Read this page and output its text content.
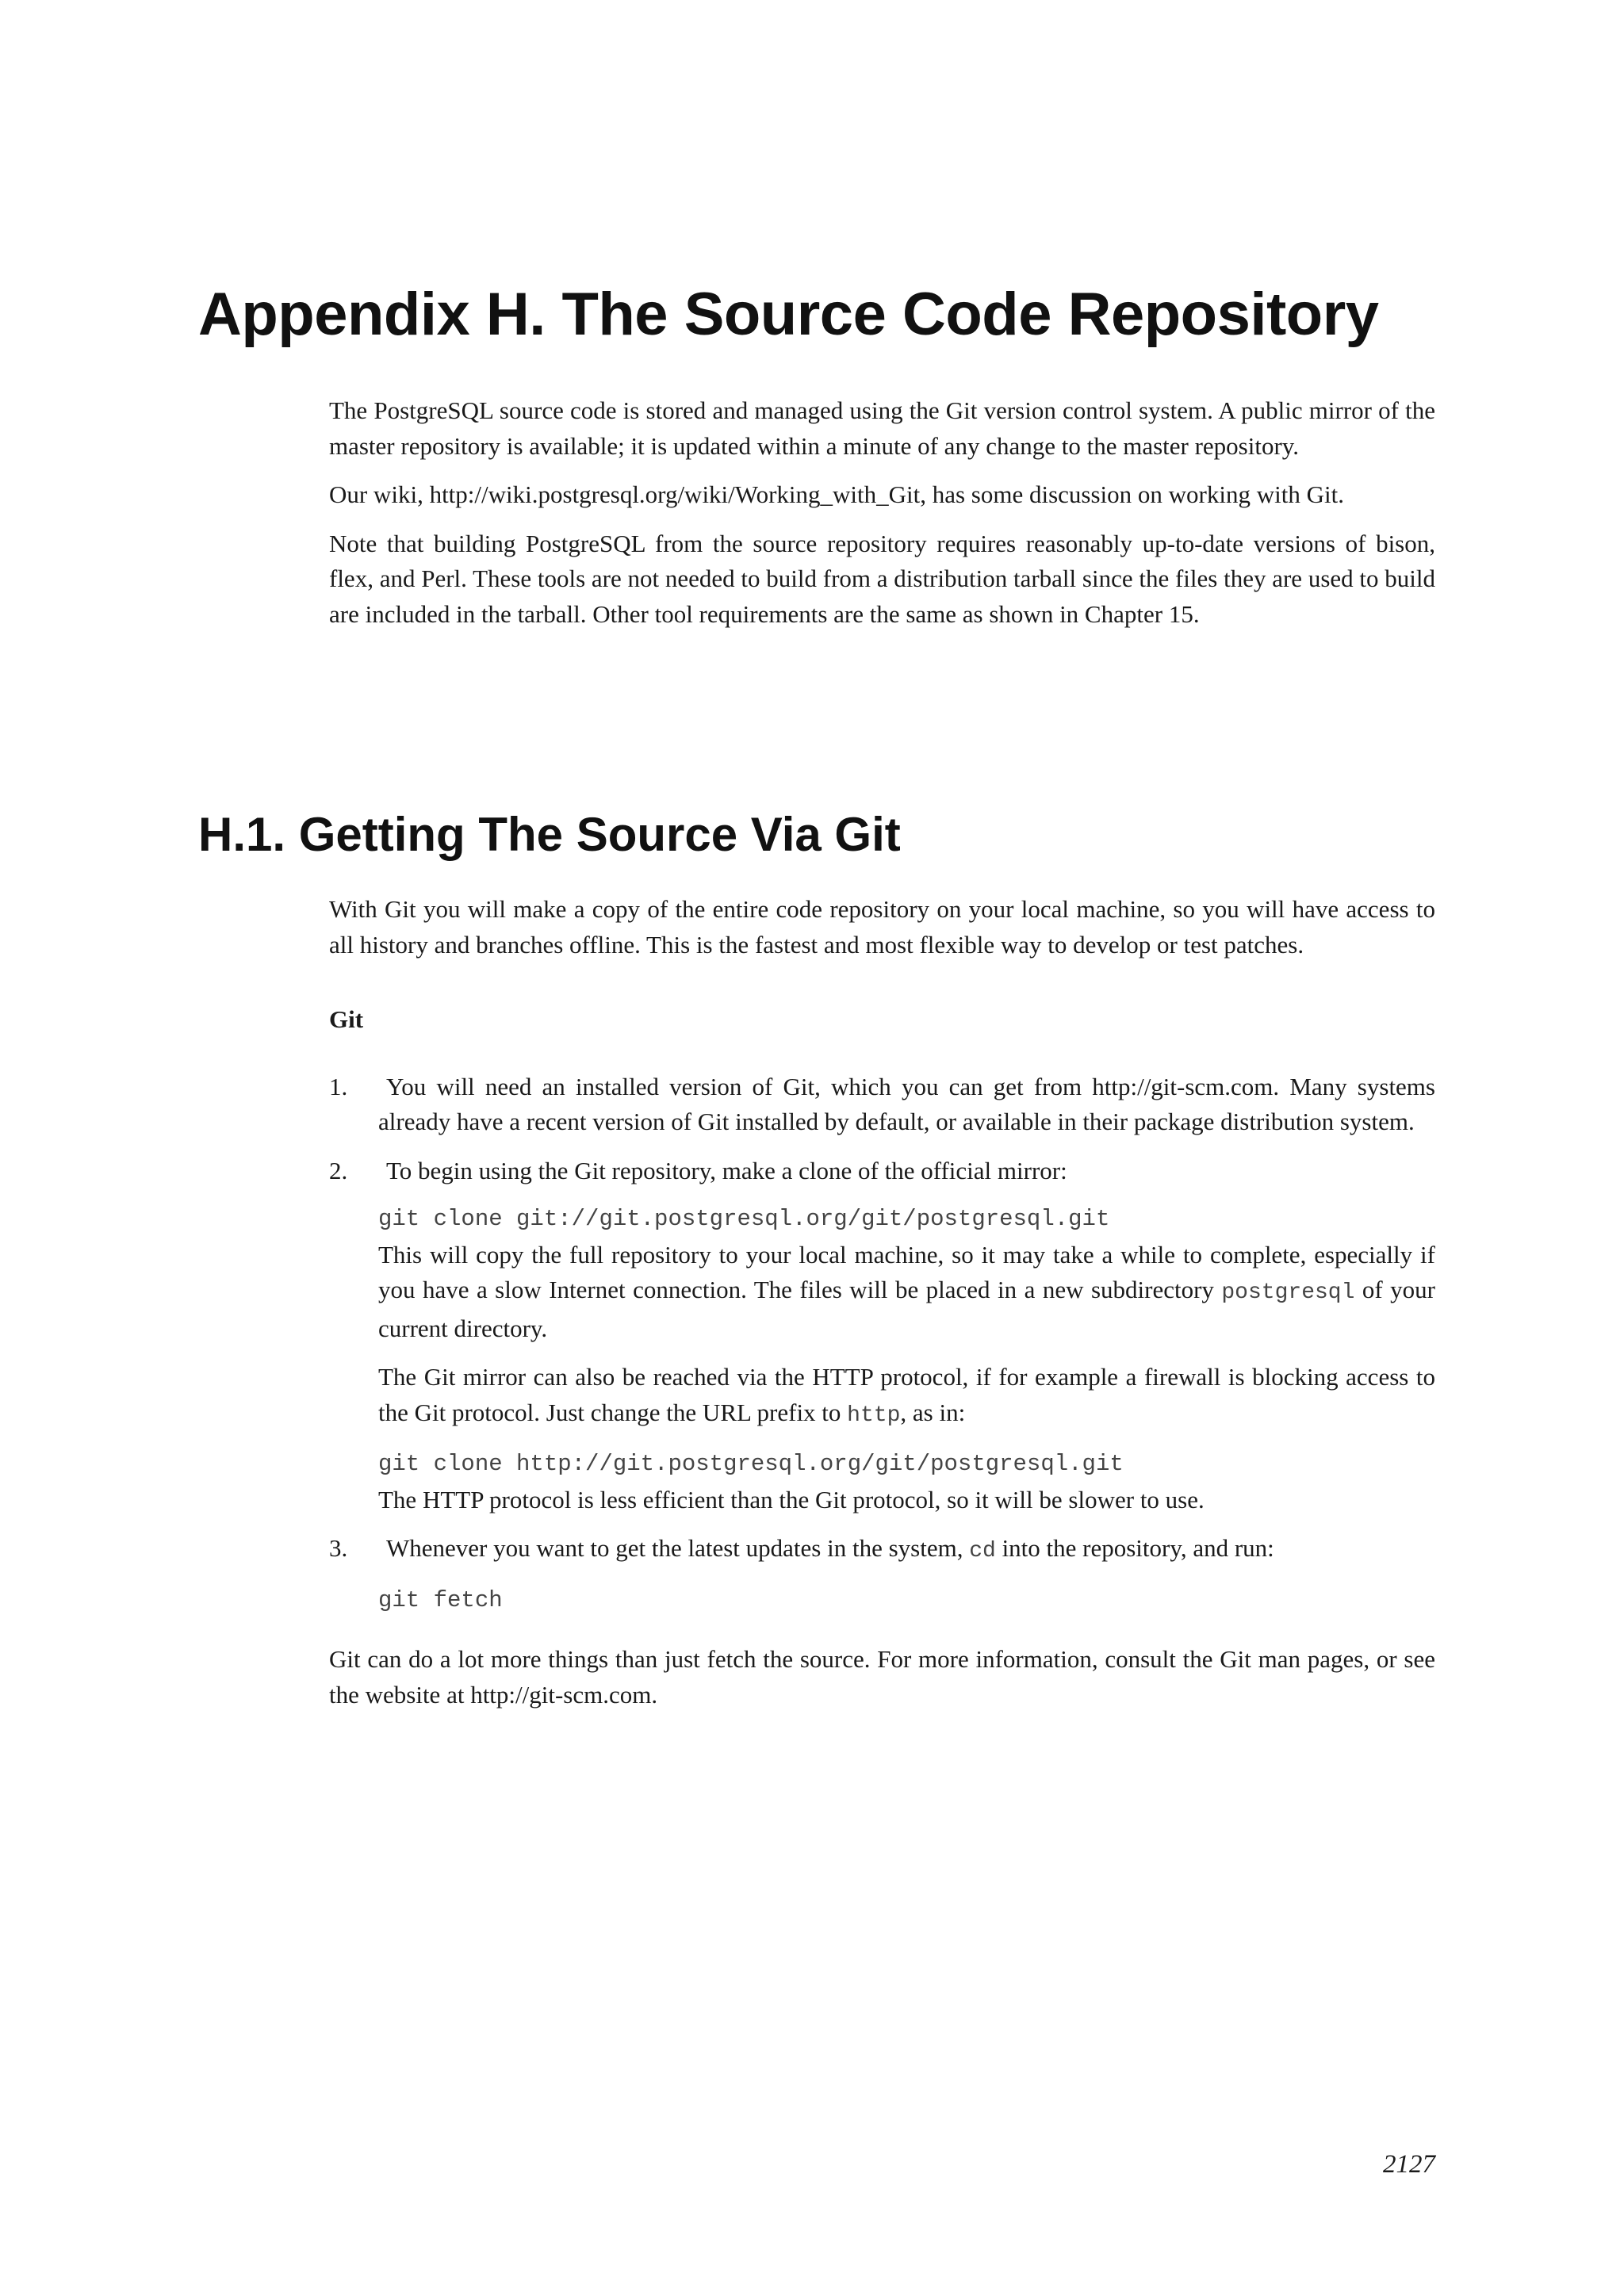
Appendix H. The Source Code Repository

The PostgreSQL source code is stored and managed using the Git version control system. A public mirror of the master repository is available; it is updated within a minute of any change to the master repository.

Our wiki, http://wiki.postgresql.org/wiki/Working_with_Git, has some discussion on working with Git.

Note that building PostgreSQL from the source repository requires reasonably up-to-date versions of bison, flex, and Perl. These tools are not needed to build from a distribution tarball since the files they are used to build are included in the tarball. Other tool requirements are the same as shown in Chapter 15.

H.1. Getting The Source Via Git

With Git you will make a copy of the entire code repository on your local machine, so you will have access to all history and branches offline. This is the fastest and most flexible way to develop or test patches.

Git

1.	You will need an installed version of Git, which you can get from http://git-scm.com. Many systems already have a recent version of Git installed by default, or available in their package distribution system.

2.	To begin using the Git repository, make a clone of the official mirror:

git clone git://git.postgresql.org/git/postgresql.git

This will copy the full repository to your local machine, so it may take a while to complete, especially if you have a slow Internet connection. The files will be placed in a new subdirectory postgresql of your current directory.

The Git mirror can also be reached via the HTTP protocol, if for example a firewall is blocking access to the Git protocol. Just change the URL prefix to http, as in:

git clone http://git.postgresql.org/git/postgresql.git

The HTTP protocol is less efficient than the Git protocol, so it will be slower to use.

3.	Whenever you want to get the latest updates in the system, cd into the repository, and run:

git fetch

Git can do a lot more things than just fetch the source. For more information, consult the Git man pages, or see the website at http://git-scm.com.

2127
